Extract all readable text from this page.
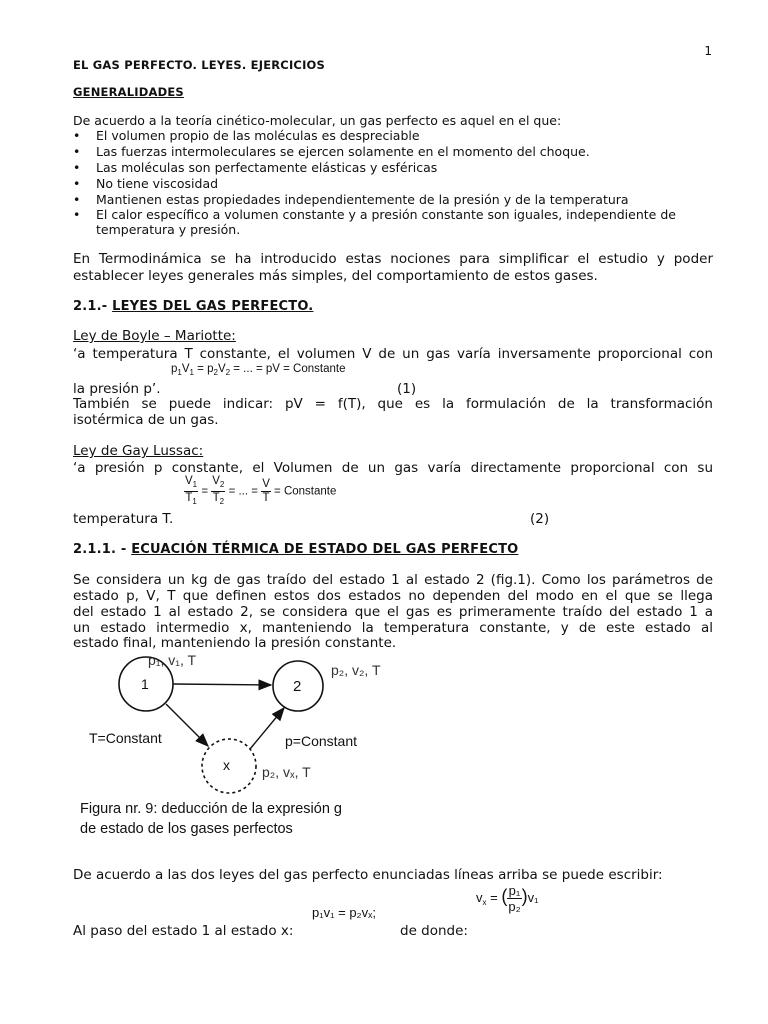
1
EL GAS PERFECTO. LEYES. EJERCICIOS
GENERALIDADES
De acuerdo a la teoría cinético-molecular, un gas perfecto es aquel en el que:
• El volumen propio de las moléculas es despreciable
• Las fuerzas intermoleculares se ejercen solamente en el momento del choque.
• Las moléculas son perfectamente elásticas y esféricas
• No tiene viscosidad
• Mantienen estas propiedades independientemente de la presión y de la temperatura
• El calor específico a volumen constante y a presión constante son iguales, independiente de
temperatura y presión.
En Termodinámica se ha introducido estas nociones para simplificar el estudio y poder
establecer leyes generales más simples, del comportamiento de estos gases.
2.1.- LEYES DEL GAS PERFECTO.
Ley de Boyle – Mariotte:
‘a temperatura T constante, el volumen V de un gas varía inversamente proporcional con
$p_1V_1 = p_2V_2$ = ... = pV = Constante
la presión p’.	(1)
También se puede indicar: pV = f(T), que es la formulación de la transformación
isotérmica de un gas.
Ley de Gay Lussac:
‘a presión p constante, el Volumen de un gas varía directamente proporcional con su
$\frac{V_1}{T_1} = \frac{V_2}{T_2}$ = ... = $\frac{V}{T}$ = Constante
temperatura T.	(2)
2.1.1. - ECUACIÓN TÉRMICA DE ESTADO DEL GAS PERFECTO
Se considera un kg de gas traído del estado 1 al estado 2 (fig.1). Como los parámetros de
estado p, V, T que definen estos dos estados no dependen del modo en el que se llega
del estado 1 al estado 2, se considera que el gas es primeramente traído del estado 1 a
un estado intermedio x, manteniendo la temperatura constante, y de este estado al
estado final, manteniendo la presión constante.
1	2
x
p₁, v₁, T
p₂, v₂, T
p₂, vₓ, T
T=Constant	p=Constant
Figura nr. 9: deducción de la expresión g
de estado de los gases perfectos
De acuerdo a las dos leyes del gas perfecto enunciadas líneas arriba se puede escribir:
p₁v₁ = p₂vₓ;
$v_x$ = ( $\frac{\text{p₁}}{\text{p₂}} )v_1$
Al paso del estado 1 al estado x:	de donde:
